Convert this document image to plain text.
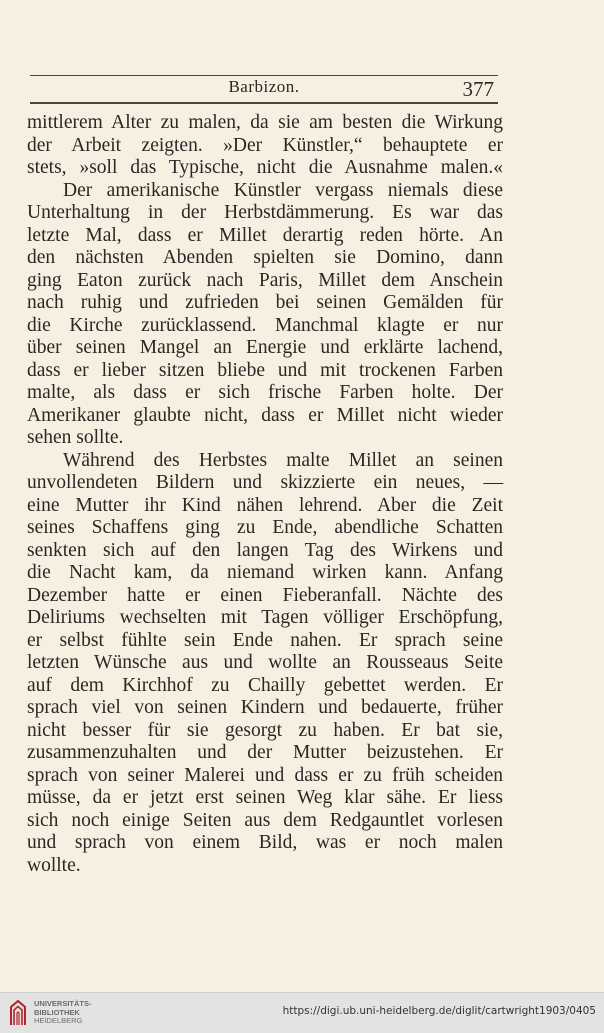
Barbizon.	377
mittlerem Alter zu malen, da sie am besten die Wirkung
der Arbeit zeigten. »Der Künstler,“ behauptete er
stets, »soll das Typische, nicht die Ausnahme malen.«
Der amerikanische Künstler vergass niemals diese
Unterhaltung in der Herbstdämmerung. Es war das
letzte Mal, dass er Millet derartig reden hörte. An
den nächsten Abenden spielten sie Domino, dann
ging Eaton zurück nach Paris, Millet dem Anschein
nach ruhig und zufrieden bei seinen Gemälden für
die Kirche zurücklassend. Manchmal klagte er nur
über seinen Mangel an Energie und erklärte lachend,
dass er lieber sitzen bliebe und mit trockenen Farben
malte, als dass er sich frische Farben holte. Der
Amerikaner glaubte nicht, dass er Millet nicht wieder
sehen sollte.
Während des Herbstes malte Millet an seinen
unvollendeten Bildern und skizzierte ein neues, —
eine Mutter ihr Kind nähen lehrend. Aber die Zeit
seines Schaffens ging zu Ende, abendliche Schatten
senkten sich auf den langen Tag des Wirkens und
die Nacht kam, da niemand wirken kann. Anfang
Dezember hatte er einen Fieberanfall. Nächte des
Deliriums wechselten mit Tagen völliger Erschöpfung,
er selbst fühlte sein Ende nahen. Er sprach seine
letzten Wünsche aus und wollte an Rousseaus Seite
auf dem Kirchhof zu Chailly gebettet werden. Er
sprach viel von seinen Kindern und bedauerte, früher
nicht besser für sie gesorgt zu haben. Er bat sie,
zusammenzuhalten und der Mutter beizustehen. Er
sprach von seiner Malerei und dass er zu früh scheiden
müsse, da er jetzt erst seinen Weg klar sähe. Er liess
sich noch einige Seiten aus dem Redgauntlet vorlesen
und sprach von einem Bild, was er noch malen
wollte.
UNIVERSITÄTS-
BIBLIOTHEK
HEIDELBERG
https://digi.ub.uni-heidelberg.de/diglit/cartwright1903/0405
